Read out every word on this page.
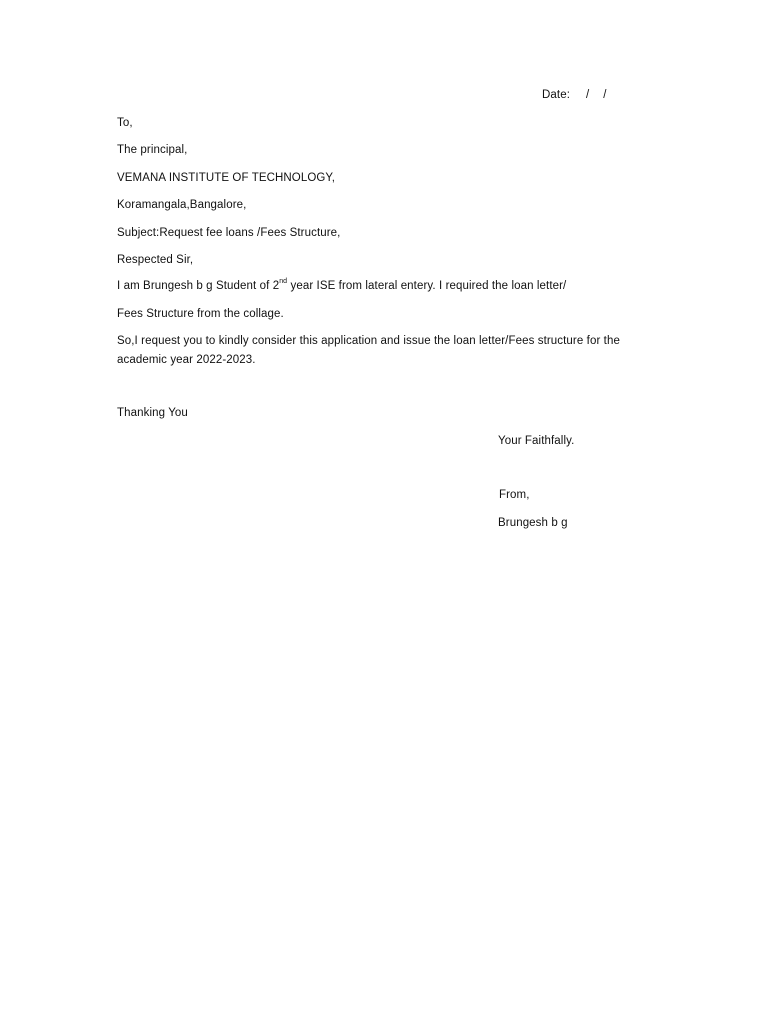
Date: / /
To,
The principal,
VEMANA INSTITUTE OF TECHNOLOGY,
Koramangala,Bangalore,
Subject:Request fee loans /Fees Structure,
Respected Sir,
I am Brungesh b g Student of 2nd year ISE from lateral entery. I required the loan letter/
Fees Structure from the collage.
So,I request you to kindly consider this application and issue the loan letter/Fees structure for the academic year 2022-2023.
Thanking You
Your Faithfally.
From,
Brungesh b g
